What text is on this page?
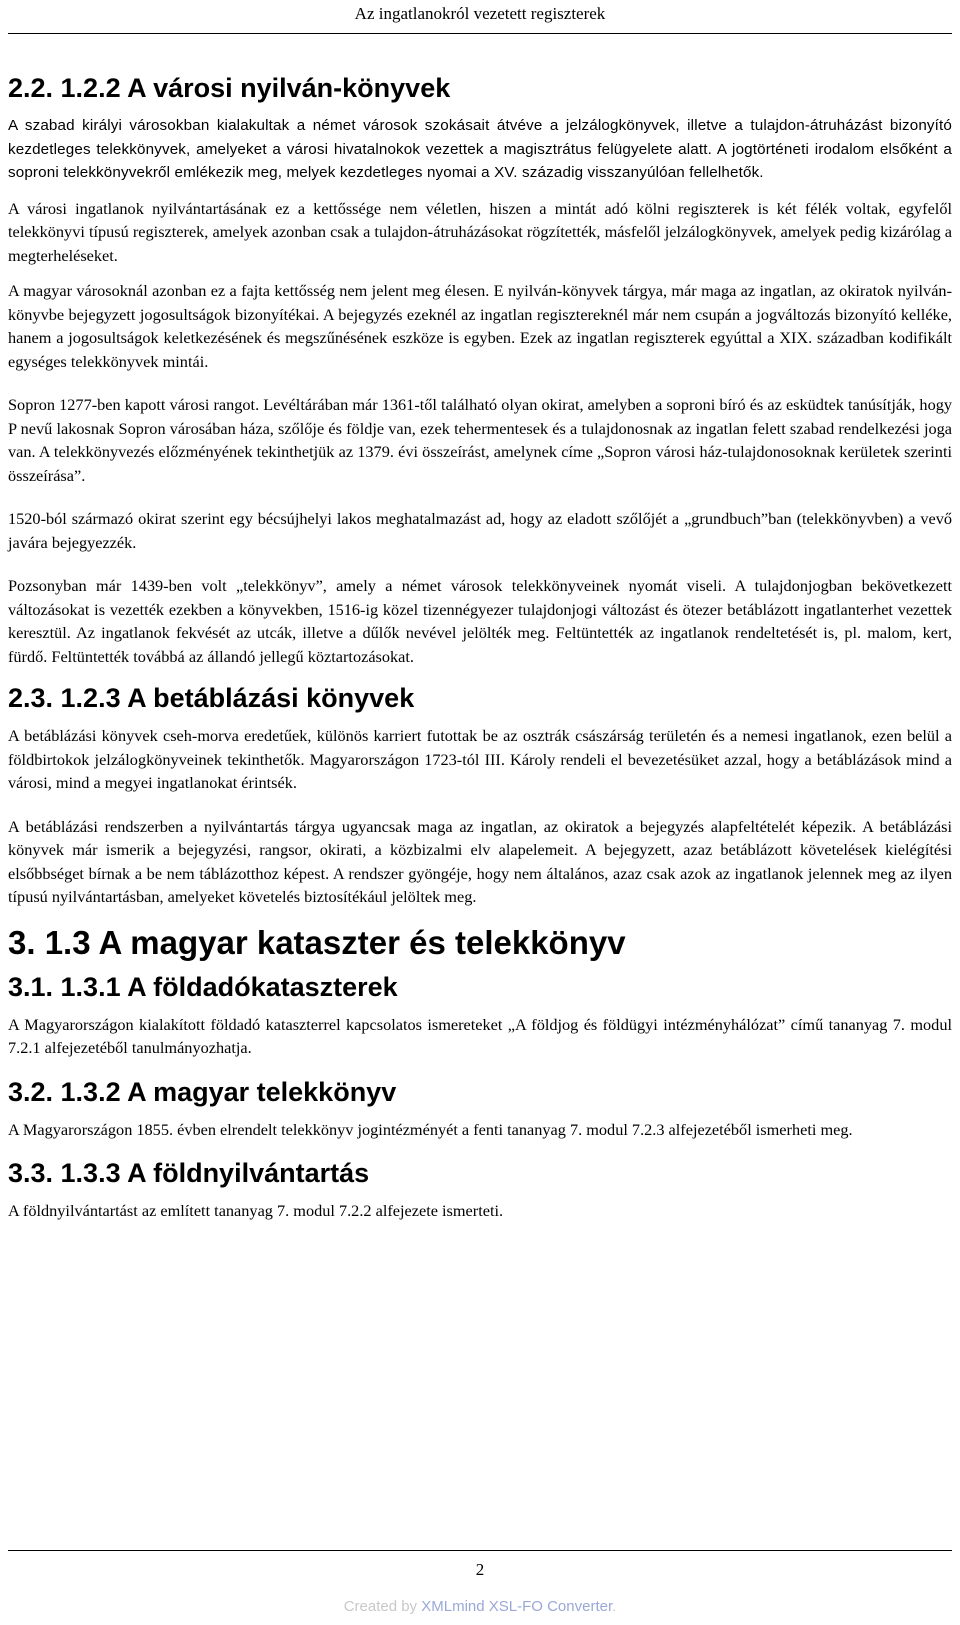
Az ingatlanokról vezetett regiszterek
2.2. 1.2.2 A városi nyilván-könyvek

A szabad királyi városokban kialakultak a német városok szokásait átvéve a jelzálogkönyvek, illetve a tulajdon-átruházást bizonyító kezdetleges telekkönyvek, amelyeket a városi hivatalnokok vezettek a magisztrátus felügyelete alatt. A jogtörténeti irodalom elsőként a soproni telekkönyvekről emlékezik meg, melyek kezdetleges nyomai a XV. századig visszanyúlóan fellelhetők.

A városi ingatlanok nyilvántartásának ez a kettőssége nem véletlen, hiszen a mintát adó kölni regiszterek is két félék voltak, egyfelől telekkönyvi típusú regiszterek, amelyek azonban csak a tulajdon-átruházásokat rögzítették, másfelől jelzálogkönyvek, amelyek pedig kizárólag a megterheléseket.

A magyar városoknál azonban ez a fajta kettősség nem jelent meg élesen. E nyilván-könyvek tárgya, már maga az ingatlan, az okiratok nyilván-könyvbe bejegyzett jogosultságok bizonyítékai. A bejegyzés ezeknél az ingatlan regisztereknél már nem csupán a jogváltozás bizonyító kelléke, hanem a jogosultságok keletkezésének és megszűnésének eszköze is egyben. Ezek az ingatlan regiszterek egyúttal a XIX. században kodifikált egységes telekkönyvek mintái.

Sopron 1277-ben kapott városi rangot. Levéltárában már 1361-től található olyan okirat, amelyben a soproni bíró és az esküdtek tanúsítják, hogy P nevű lakosnak Sopron városában háza, szőlője és földje van, ezek tehermentesek és a tulajdonosnak az ingatlan felett szabad rendelkezési joga van. A telekkönyvezés előzményének tekinthetjük az 1379. évi összeírást, amelynek címe „Sopron városi ház-tulajdonosoknak kerületek szerinti összeírása”.

1520-ból származó okirat szerint egy bécsújhelyi lakos meghatalmazást ad, hogy az eladott szőlőjét a „grundbuch”ban (telekkönyvben) a vevő javára bejegyezzék.

Pozsonyban már 1439-ben volt „telekkönyv”, amely a német városok telekkönyveinek nyomát viseli. A tulajdonjogban bekövetkezett változásokat is vezették ezekben a könyvekben, 1516-ig közel tizennégyezer tulajdonjogi változást és ötezer betáblázott ingatlanterhet vezettek keresztül. Az ingatlanok fekvését az utcák, illetve a dűlők nevével jelölték meg. Feltüntették az ingatlanok rendeltetését is, pl. malom, kert, fürdő. Feltüntették továbbá az állandó jellegű köztartozásokat.

2.3. 1.2.3 A betáblázási könyvek

A betáblázási könyvek cseh-morva eredetűek, különös karriert futottak be az osztrák császárság területén és a nemesi ingatlanok, ezen belül a földbirtokok jelzálogkönyveinek tekinthetők. Magyarországon 1723-tól III. Károly rendeli el bevezetésüket azzal, hogy a betáblázások mind a városi, mind a megyei ingatlanokat érintsék.

A betáblázási rendszerben a nyilvántartás tárgya ugyancsak maga az ingatlan, az okiratok a bejegyzés alapfeltételét képezik. A betáblázási könyvek már ismerik a bejegyzési, rangsor, okirati, a közbizalmi elv alapelemeit. A bejegyzett, azaz betáblázott követelések kielégítési elsőbbséget bírnak a be nem táblázotthoz képest. A rendszer gyöngéje, hogy nem általános, azaz csak azok az ingatlanok jelennek meg az ilyen típusú nyilvántartásban, amelyeket követelés biztosítékául jelöltek meg.

3. 1.3 A magyar kataszter és telekkönyv
3.1. 1.3.1 A földadókataszterek

A Magyarországon kialakított földadó kataszterrel kapcsolatos ismereteket „A földjog és földügyi intézményhálózat” című tananyag 7. modul 7.2.1 alfejezetéből tanulmányozhatja.

3.2. 1.3.2 A magyar telekkönyv

A Magyarországon 1855. évben elrendelt telekkönyv jogintézményét a fenti tananyag 7. modul 7.2.3 alfejezetéből ismerheti meg.

3.3. 1.3.3 A földnyilvántartás

A földnyilvántartást az említett tananyag 7. modul 7.2.2 alfejezete ismerteti.

2
Created by XMLmind XSL-FO Converter.
